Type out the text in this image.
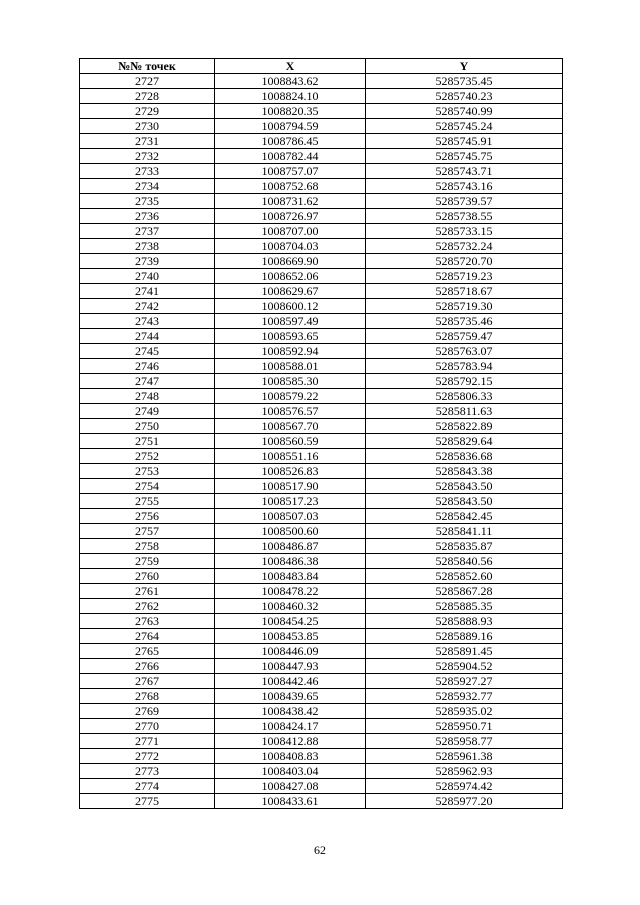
№№ точек	X	Y
2727	1008843.62	5285735.45
2728	1008824.10	5285740.23
2729	1008820.35	5285740.99
2730	1008794.59	5285745.24
2731	1008786.45	5285745.91
2732	1008782.44	5285745.75
2733	1008757.07	5285743.71
2734	1008752.68	5285743.16
2735	1008731.62	5285739.57
2736	1008726.97	5285738.55
2737	1008707.00	5285733.15
2738	1008704.03	5285732.24
2739	1008669.90	5285720.70
2740	1008652.06	5285719.23
2741	1008629.67	5285718.67
2742	1008600.12	5285719.30
2743	1008597.49	5285735.46
2744	1008593.65	5285759.47
2745	1008592.94	5285763.07
2746	1008588.01	5285783.94
2747	1008585.30	5285792.15
2748	1008579.22	5285806.33
2749	1008576.57	5285811.63
2750	1008567.70	5285822.89
2751	1008560.59	5285829.64
2752	1008551.16	5285836.68
2753	1008526.83	5285843.38
2754	1008517.90	5285843.50
2755	1008517.23	5285843.50
2756	1008507.03	5285842.45
2757	1008500.60	5285841.11
2758	1008486.87	5285835.87
2759	1008486.38	5285840.56
2760	1008483.84	5285852.60
2761	1008478.22	5285867.28
2762	1008460.32	5285885.35
2763	1008454.25	5285888.93
2764	1008453.85	5285889.16
2765	1008446.09	5285891.45
2766	1008447.93	5285904.52
2767	1008442.46	5285927.27
2768	1008439.65	5285932.77
2769	1008438.42	5285935.02
2770	1008424.17	5285950.71
2771	1008412.88	5285958.77
2772	1008408.83	5285961.38
2773	1008403.04	5285962.93
2774	1008427.08	5285974.42
2775	1008433.61	5285977.20
62
